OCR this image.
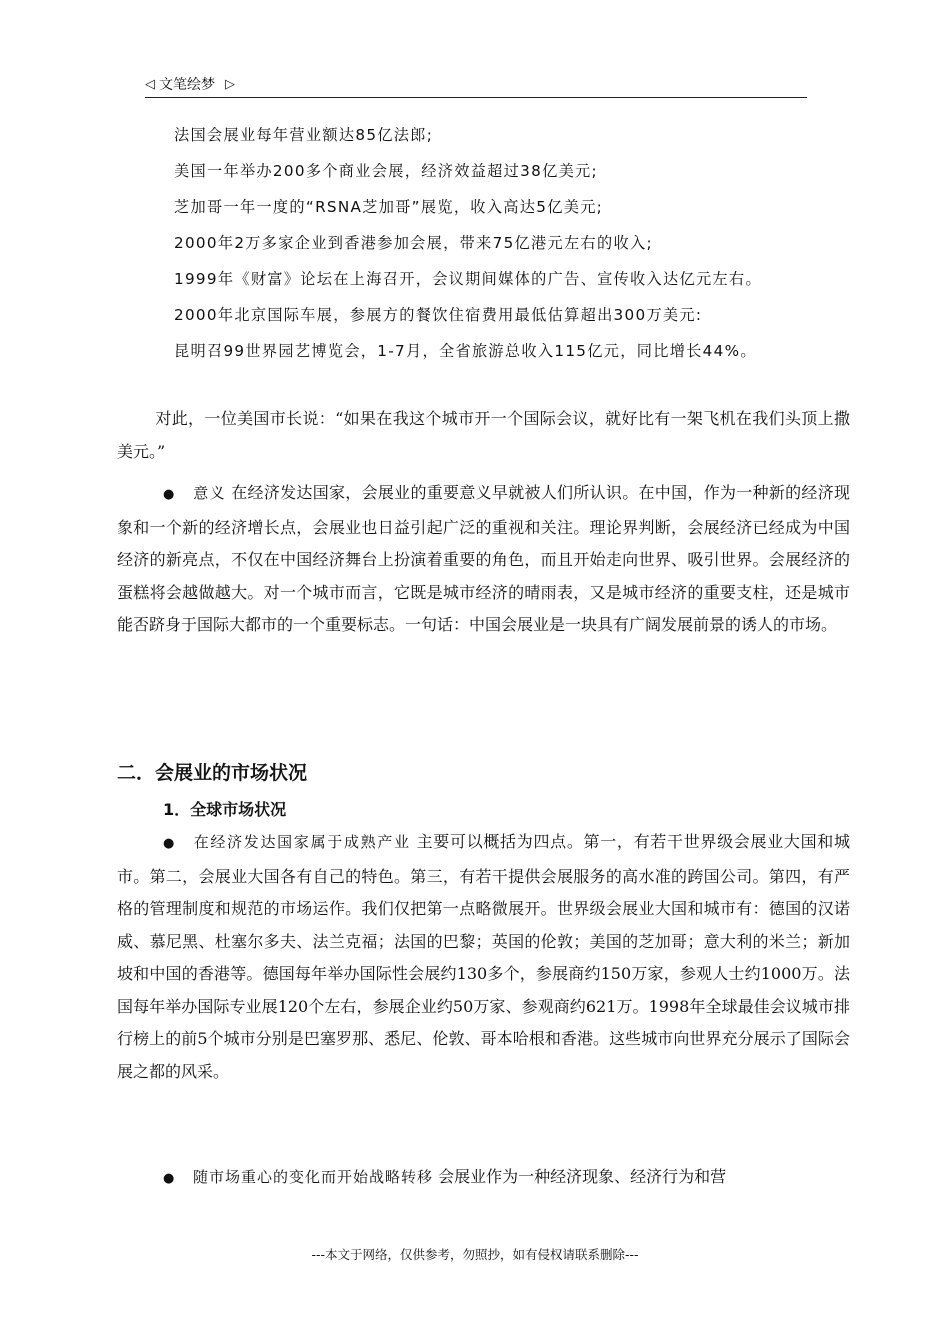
◁ 文笔绘梦 ▷
法国会展业每年营业额达85亿法郎;
美国一年举办200多个商业会展，经济效益超过38亿美元;
芝加哥一年一度的“RSNA芝加哥”展览，收入高达5亿美元;
2000年2万多家企业到香港参加会展，带来75亿港元左右的收入;
1999年《财富》论坛在上海召开，会议期间媒体的广告、宣传收入达亿元左右。
2000年北京国际车展，参展方的餐饮住宿费用最低估算超出300万美元:
昆明召99世界园艺博览会，1-7月，全省旅游总收入115亿元，同比增长44%。

对此，一位美国市长说：“如果在我这个城市开一个国际会议，就好比有一架飞机在我们头顶上撒美元。”

● 意义 在经济发达国家，会展业的重要意义早就被人们所认识。在中国，作为一种新的经济现象和一个新的经济增长点，会展业也日益引起广泛的重视和关注。理论界判断，会展经济已经成为中国经济的新亮点，不仅在中国经济舞台上扮演着重要的角色，而且开始走向世界、吸引世界。会展经济的蛋糕将会越做越大。对一个城市而言，它既是城市经济的晴雨表，又是城市经济的重要支柱，还是城市能否跻身于国际大都市的一个重要标志。一句话：中国会展业是一块具有广阔发展前景的诱人的市场。

二．会展业的市场状况
1．全球市场状况

● 在经济发达国家属于成熟产业 主要可以概括为四点。第一，有若干世界级会展业大国和城市。第二，会展业大国各有自己的特色。第三，有若干提供会展服务的高水准的跨国公司。第四，有严格的管理制度和规范的市场运作。我们仅把第一点略微展开。世界级会展业大国和城市有：德国的汉诺威、慕尼黑、杜塞尔多夫、法兰克福；法国的巴黎；英国的伦敦；美国的芝加哥；意大利的米兰；新加坡和中国的香港等。德国每年举办国际性会展约130多个，参展商约150万家，参观人士约1000万。法国每年举办国际专业展120个左右，参展企业约50万家、参观商约621万。1998年全球最佳会议城市排行榜上的前5个城市分别是巴塞罗那、悉尼、伦敦、哥本哈根和香港。这些城市向世界充分展示了国际会展之都的风采。

● 随市场重心的变化而开始战略转移 会展业作为一种经济现象、经济行为和营

---本文于网络，仅供参考，勿照抄，如有侵权请联系删除---
